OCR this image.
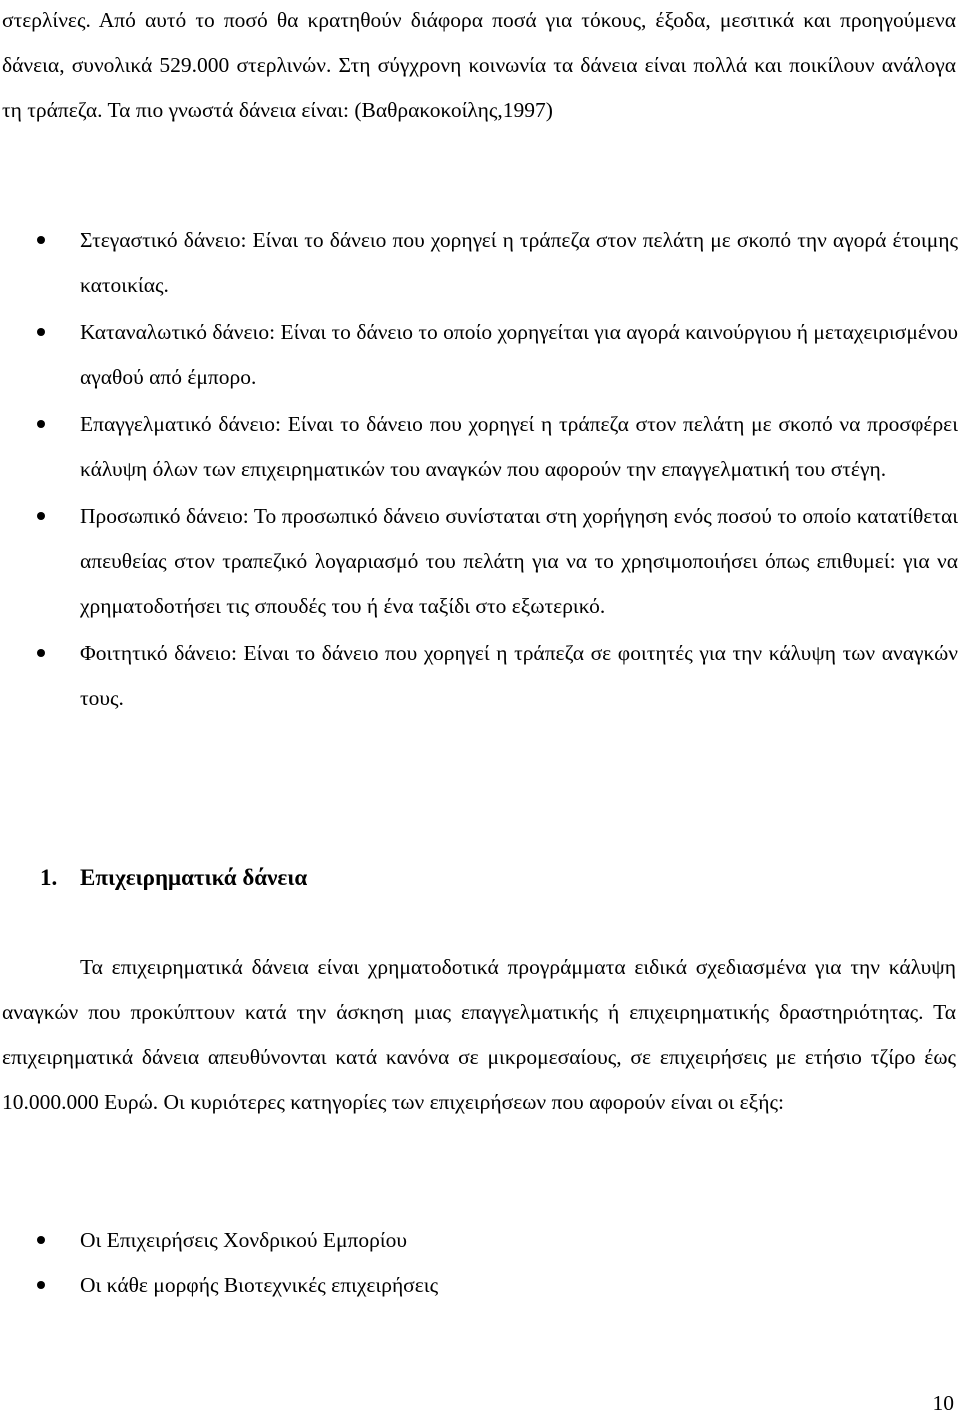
στερλίνες. Από αυτό το ποσό θα κρατηθούν διάφορα ποσά για τόκους, έξοδα, μεσιτικά και προηγούμενα δάνεια, συνολικά 529.000 στερλινών. Στη σύγχρονη κοινωνία τα δάνεια είναι πολλά και ποικίλουν ανάλογα τη τράπεζα. Τα πιο γνωστά δάνεια είναι: (Βαθρακοκοίλης,1997)

Στεγαστικό δάνειο: Είναι το δάνειο που χορηγεί η τράπεζα στον πελάτη με σκοπό την αγορά έτοιμης κατοικίας.
Καταναλωτικό δάνειο: Είναι το δάνειο το οποίο χορηγείται για αγορά καινούργιου ή μεταχειρισμένου αγαθού από έμπορο.
Επαγγελματικό δάνειο: Είναι το δάνειο που χορηγεί η τράπεζα στον πελάτη με σκοπό να προσφέρει κάλυψη όλων των επιχειρηματικών του αναγκών που αφορούν την επαγγελματική του στέγη.
Προσωπικό δάνειο: Το προσωπικό δάνειο συνίσταται στη χορήγηση ενός ποσού το οποίο κατατίθεται απευθείας στον τραπεζικό λογαριασμό του πελάτη για να το χρησιμοποιήσει όπως επιθυμεί: για να χρηματοδοτήσει τις σπουδές του ή ένα ταξίδι στο εξωτερικό.
Φοιτητικό δάνειο: Είναι το δάνειο που χορηγεί η τράπεζα σε φοιτητές για την κάλυψη των αναγκών τους.
1. Επιχειρηματικά δάνεια

Τα επιχειρηματικά δάνεια είναι χρηματοδοτικά προγράμματα ειδικά σχεδιασμένα για την κάλυψη αναγκών που προκύπτουν κατά την άσκηση μιας επαγγελματικής ή επιχειρηματικής δραστηριότητας. Τα επιχειρηματικά δάνεια απευθύνονται κατά κανόνα σε μικρομεσαίους, σε επιχειρήσεις με ετήσιο τζίρο έως 10.000.000 Ευρώ. Οι κυριότερες κατηγορίες των επιχειρήσεων που αφορούν είναι οι εξής:

Οι Επιχειρήσεις Χονδρικού Εμπορίου
Οι κάθε μορφής Βιοτεχνικές επιχειρήσεις
10
